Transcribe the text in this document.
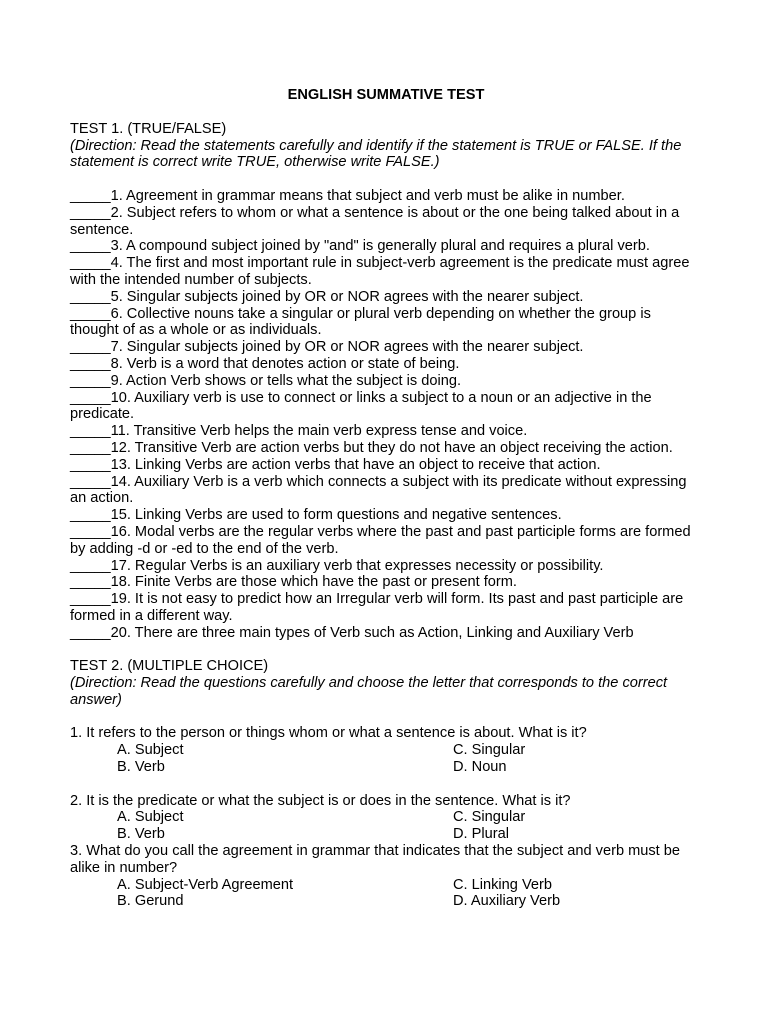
ENGLISH SUMMATIVE TEST

TEST 1. (TRUE/FALSE)

(Direction: Read the statements carefully and identify if the statement is TRUE or FALSE. If the statement is correct write TRUE, otherwise write FALSE.)

_____1. Agreement in grammar means that subject and verb must be alike in number.

_____2. Subject refers to whom or what a sentence is about or the one being talked about in a sentence.

_____3. A compound subject joined by "and" is generally plural and requires a plural verb.

_____4. The first and most important rule in subject-verb agreement is the predicate must agree with the intended number of subjects.

_____5. Singular subjects joined by OR or NOR agrees with the nearer subject.

_____6. Collective nouns take a singular or plural verb depending on whether the group is thought of as a whole or as individuals.

_____7. Singular subjects joined by OR or NOR agrees with the nearer subject.

_____8. Verb is a word that denotes action or state of being.

_____9. Action Verb shows or tells what the subject is doing.

_____10. Auxiliary verb is use to connect or links a subject to a noun or an adjective in the predicate.

_____11. Transitive Verb helps the main verb express tense and voice.

_____12. Transitive Verb are action verbs but they do not have an object receiving the action.

_____13. Linking Verbs are action verbs that have an object to receive that action.

_____14. Auxiliary Verb is a verb which connects a subject with its predicate without expressing an action.

_____15. Linking Verbs are used to form questions and negative sentences.

_____16. Modal verbs are the regular verbs where the past and past participle forms are formed by adding -d or -ed to the end of the verb.

_____17. Regular Verbs is an auxiliary verb that expresses necessity or possibility.

_____18. Finite Verbs are those which have the past or present form.

_____19. It is not easy to predict how an Irregular verb will form. Its past and past participle are formed in a different way.

_____20. There are three main types of Verb such as Action, Linking and Auxiliary Verb

TEST 2. (MULTIPLE CHOICE)

(Direction: Read the questions carefully and choose the letter that corresponds to the correct answer)

1. It refers to the person or things whom or what a sentence is about. What is it?

A. Subject	C. Singular
B. Verb	D. Noun

2. It is the predicate or what the subject is or does in the sentence. What is it?

A. Subject	C. Singular
B. Verb	D. Plural

3. What do you call the agreement in grammar that indicates that the subject and verb must be alike in number?

A. Subject-Verb Agreement	C. Linking Verb
B. Gerund	D. Auxiliary Verb
